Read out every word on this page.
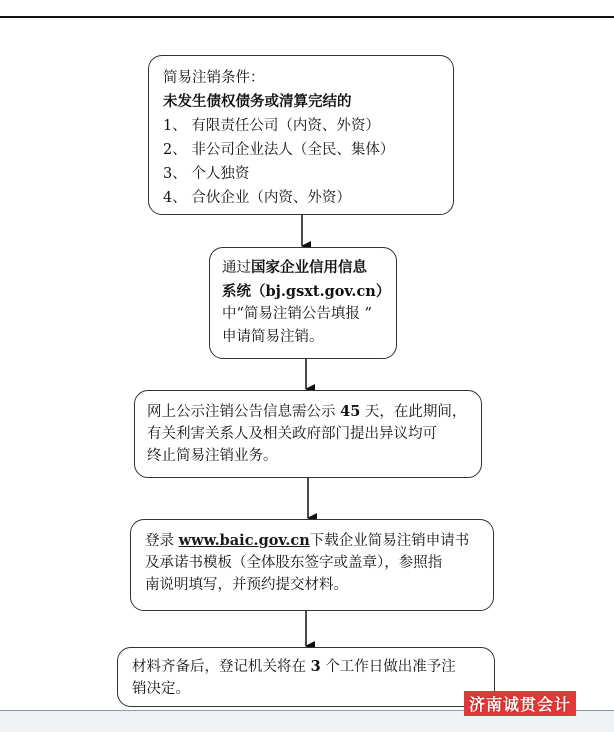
简易注销条件：

未发生债权债务或清算完结的

1、 有限责任公司（内资、外资）

2、 非公司企业法人（全民、集体）

3、 个人独资

4、 合伙企业（内资、外资）

通过国家企业信用信息

系统（bj.gsxt.gov.cn）

中“简易注销公告填报 ”

申请简易注销。

网上公示注销公告信息需公示 45 天，在此期间，

有关利害关系人及相关政府部门提出异议均可

终止简易注销业务。

登录 www.baic.gov.cn下载企业简易注销申请书

及承诺书模板（全体股东签字或盖章），参照指

南说明填写，并预约提交材料。

材料齐备后，登记机关将在 3 个工作日做出准予注

销决定。

济南诚贯会计
